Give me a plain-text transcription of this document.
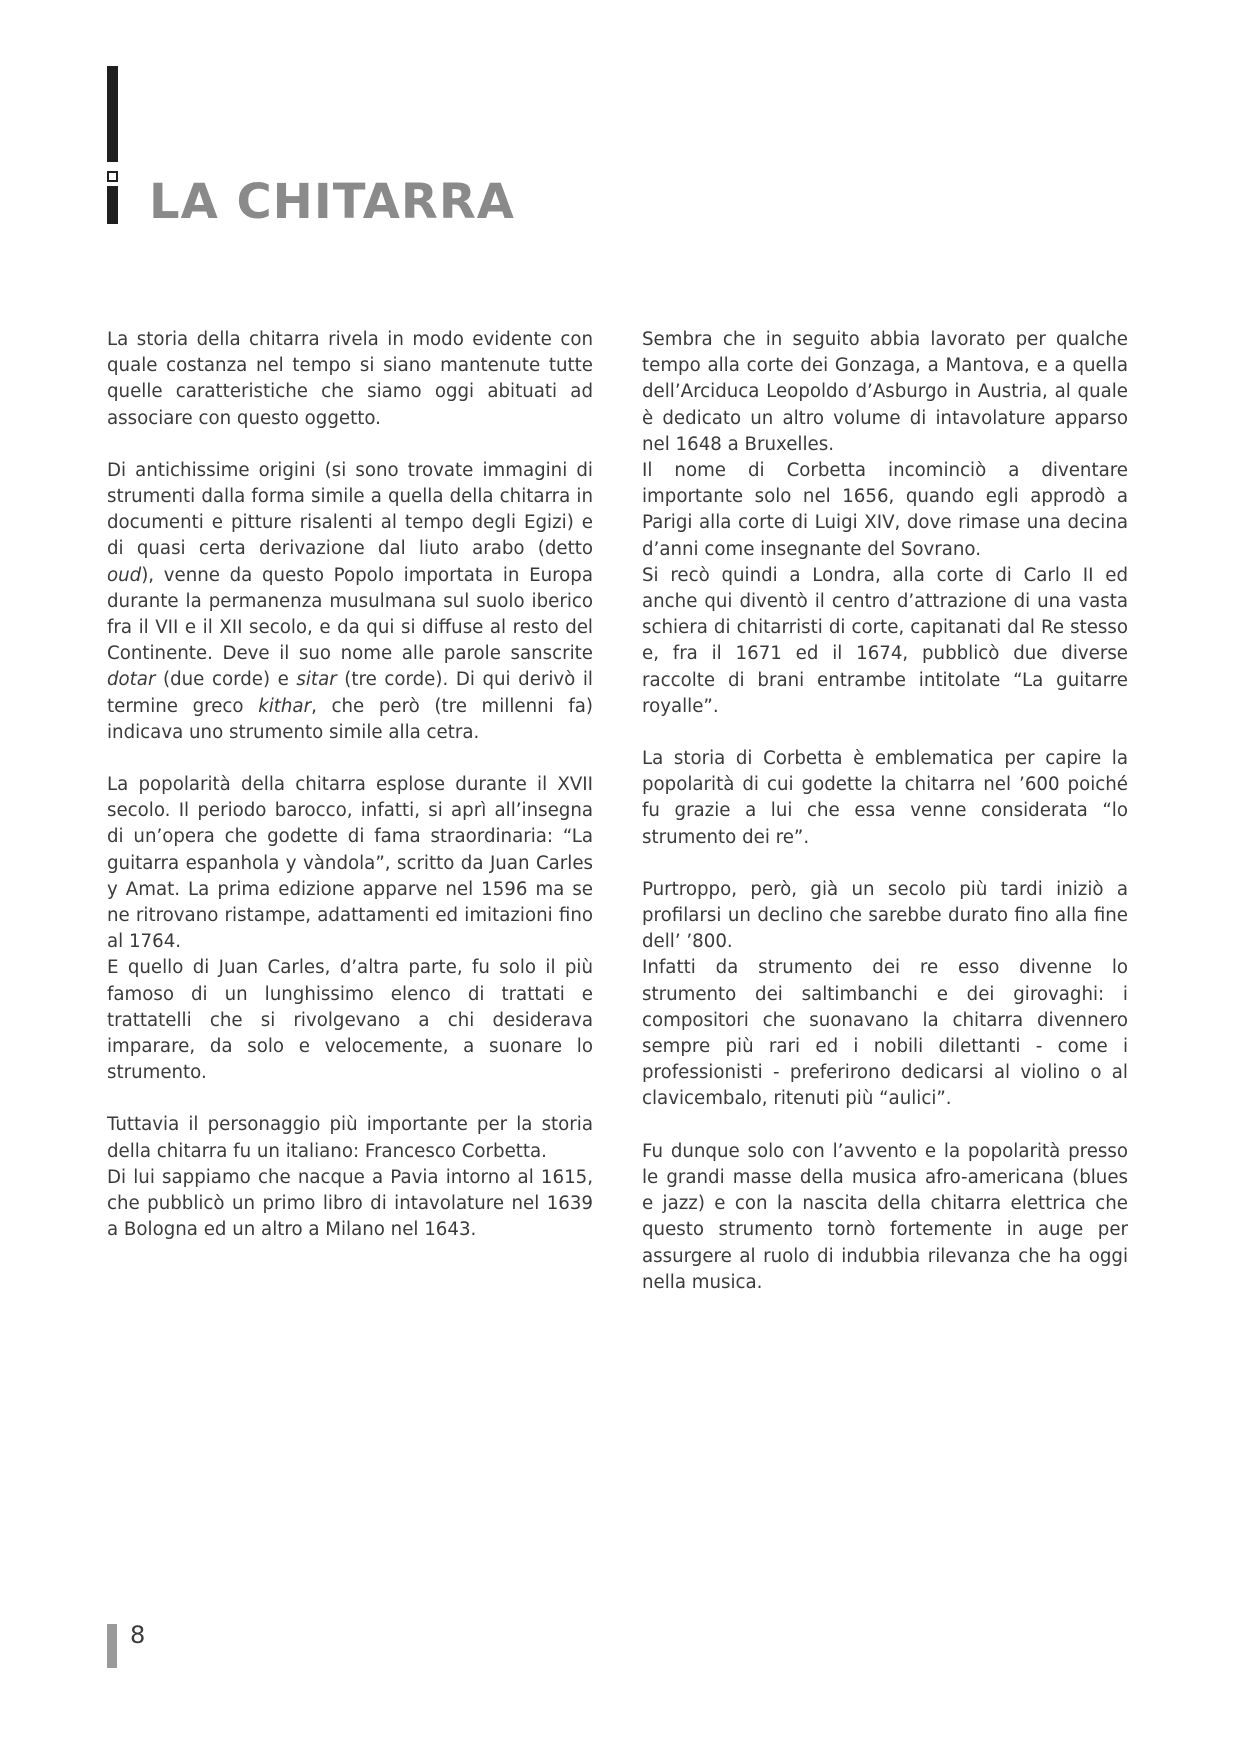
LA CHITARRA

La storia della chitarra rivela in modo evidente con quale costanza nel tempo si siano mantenute tutte quelle caratteristiche che siamo oggi abituati ad associare con questo oggetto.

Di antichissime origini (si sono trovate immagini di strumenti dalla forma simile a quella della chitarra in documenti e pitture risalenti al tempo degli Egizi) e di quasi certa derivazione dal liuto arabo (detto oud), venne da questo Popolo importata in Europa durante la permanenza musulmana sul suolo iberico fra il VII e il XII secolo, e da qui si diffuse al resto del Continente. Deve il suo nome alle parole sanscrite dotar (due corde) e sitar (tre corde). Di qui derivò il termine greco kithar, che però (tre millenni fa) indicava uno strumento simile alla cetra.

La popolarità della chitarra esplose durante il XVII secolo. Il periodo barocco, infatti, si aprì all’insegna di un’opera che godette di fama straordinaria: “La guitarra espanhola y vàndola”, scritto da Juan Carles y Amat. La prima edizione apparve nel 1596 ma se ne ritrovano ristampe, adattamenti ed imitazioni fino al 1764.

E quello di Juan Carles, d’altra parte, fu solo il più famoso di un lunghissimo elenco di trattati e trattatelli che si rivolgevano a chi desiderava imparare, da solo e velocemente, a suonare lo strumento.

Tuttavia il personaggio più importante per la storia della chitarra fu un italiano: Francesco Corbetta.

Di lui sappiamo che nacque a Pavia intorno al 1615, che pubblicò un primo libro di intavolature nel 1639 a Bologna ed un altro a Milano nel 1643.

Sembra che in seguito abbia lavorato per qualche tempo alla corte dei Gonzaga, a Mantova, e a quella dell’Arciduca Leopoldo d’Asburgo in Austria, al quale è dedicato un altro volume di intavolature apparso nel 1648 a Bruxelles.

Il nome di Corbetta incominciò a diventare importante solo nel 1656, quando egli approdò a Parigi alla corte di Luigi XIV, dove rimase una decina d’anni come insegnante del Sovrano.

Si recò quindi a Londra, alla corte di Carlo II ed anche qui diventò il centro d’attrazione di una vasta schiera di chitarristi di corte, capitanati dal Re stesso e, fra il 1671 ed il 1674, pubblicò due diverse raccolte di brani entrambe intitolate “La guitarre royalle”.

La storia di Corbetta è emblematica per capire la popolarità di cui godette la chitarra nel ’600 poiché fu grazie a lui che essa venne considerata “lo strumento dei re”.

Purtroppo, però, già un secolo più tardi iniziò a profilarsi un declino che sarebbe durato fino alla fine dell’ ’800.

Infatti da strumento dei re esso divenne lo strumento dei saltimbanchi e dei girovaghi: i compositori che suonavano la chitarra divennero sempre più rari ed i nobili dilettanti - come i professionisti - preferirono dedicarsi al violino o al clavicembalo, ritenuti più “aulici”.

Fu dunque solo con l’avvento e la popolarità presso le grandi masse della musica afro-americana (blues e jazz) e con la nascita della chitarra elettrica che questo strumento tornò fortemente in auge per assurgere al ruolo di indubbia rilevanza che ha oggi nella musica.

8
